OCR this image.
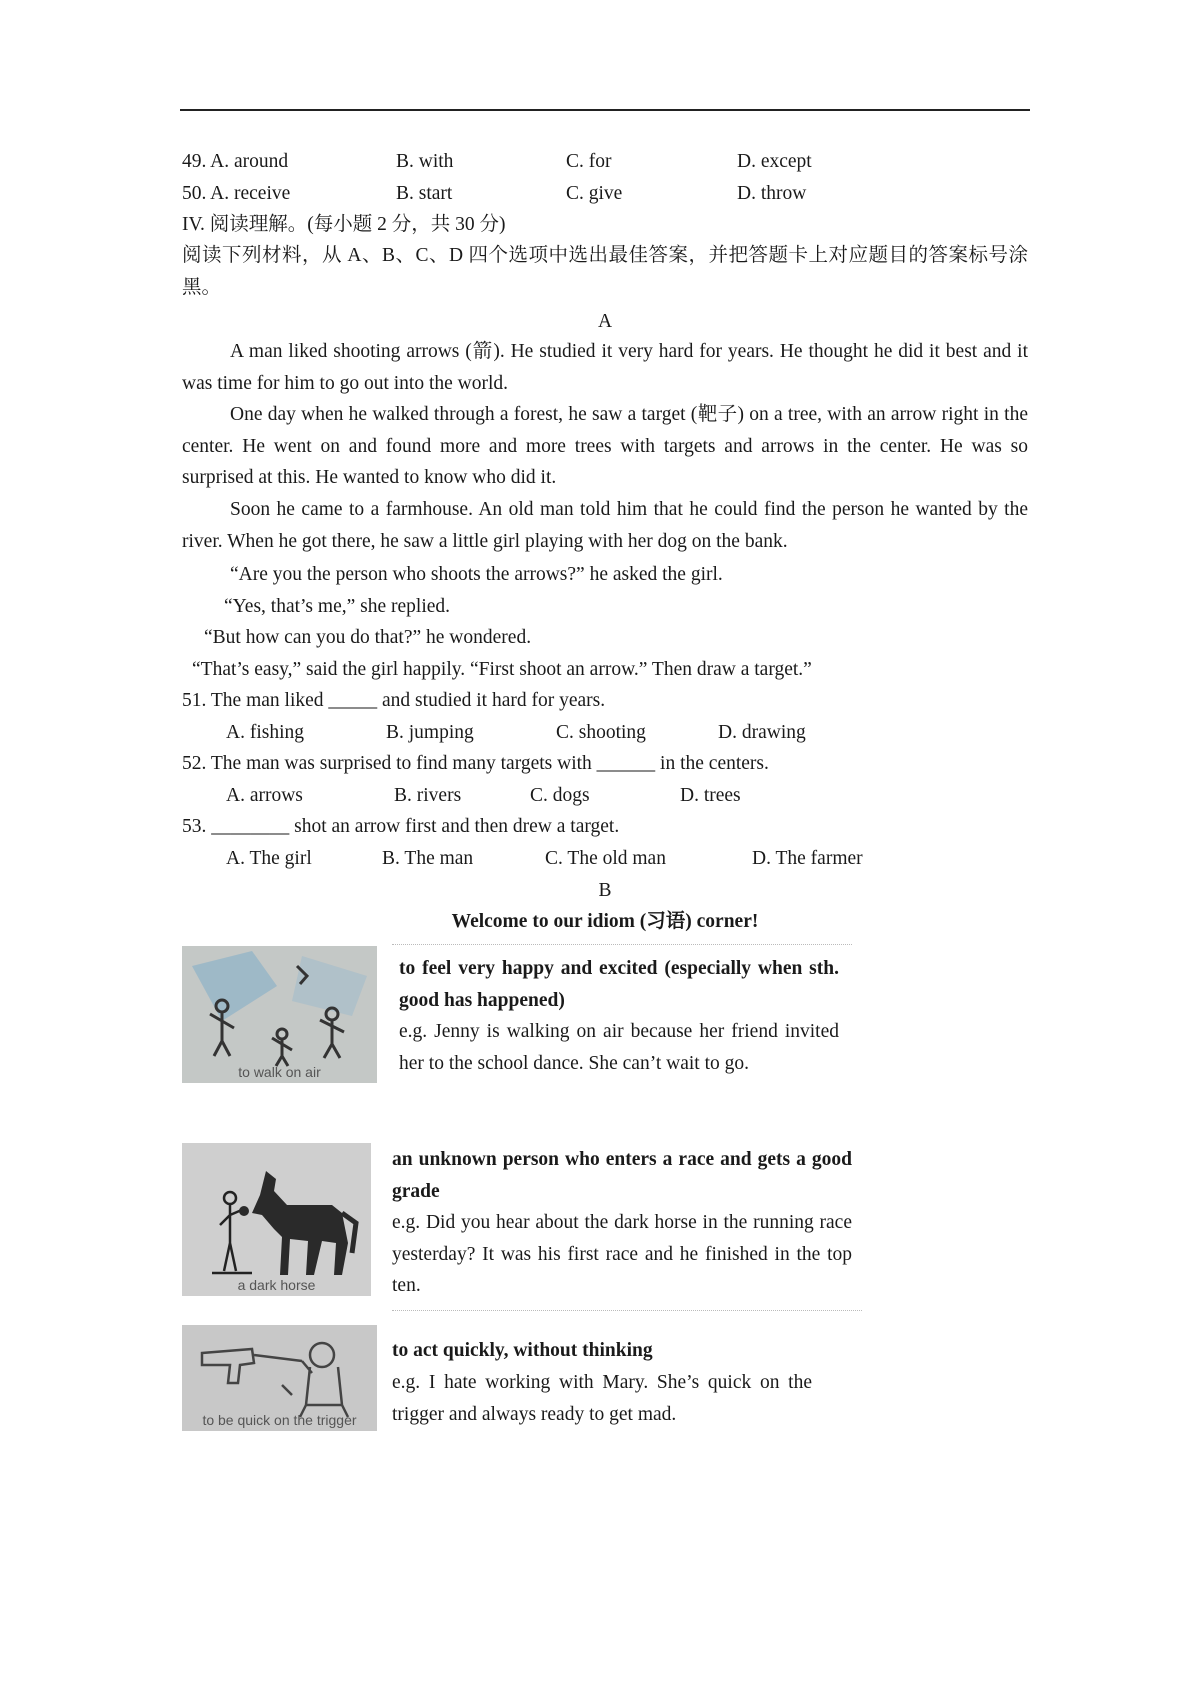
49. A. around	B. with	C. for	D. except
50. A. receive	B. start	C. give	D. throw
IV. 阅读理解。(每小题 2 分，共 30 分)
阅读下列材料，从 A、B、C、D 四个选项中选出最佳答案，并把答题卡上对应题目的答案标号涂黑。
A
A man liked shooting arrows (箭). He studied it very hard for years. He thought he did it best and it was time for him to go out into the world.
One day when he walked through a forest, he saw a target (靶子) on a tree, with an arrow right in the center. He went on and found more and more trees with targets and arrows in the center. He was so surprised at this. He wanted to know who did it.
Soon he came to a farmhouse. An old man told him that he could find the person he wanted by the river. When he got there, he saw a little girl playing with her dog on the bank.
“Are you the person who shoots the arrows?” he asked the girl.
“Yes, that’s me,” she replied.
“But how can you do that?” he wondered.
“That’s easy,” said the girl happily. “First shoot an arrow.” Then draw a target.”
51. The man liked _____ and studied it hard for years.
A. fishing	B. jumping	C. shooting	D. drawing
52. The man was surprised to find many targets with ______ in the centers.
A. arrows	B. rivers	C. dogs	D. trees
53. ________ shot an arrow first and then drew a target.
A. The girl	B. The man	C. The old man	D. The farmer
B
Welcome to our idiom (习语) corner!
to walk on air
to feel very happy and excited (especially when sth. good has happened)
e.g. Jenny is walking on air because her friend invited her to the school dance. She can’t wait to go.
a dark horse
an unknown person who enters a race and gets a good grade
e.g. Did you hear about the dark horse in the running race yesterday? It was his first race and he finished in the top ten.
to be quick on the trigger
to act quickly, without thinking
e.g. I hate working with Mary. She’s quick on the trigger and always ready to get mad.
